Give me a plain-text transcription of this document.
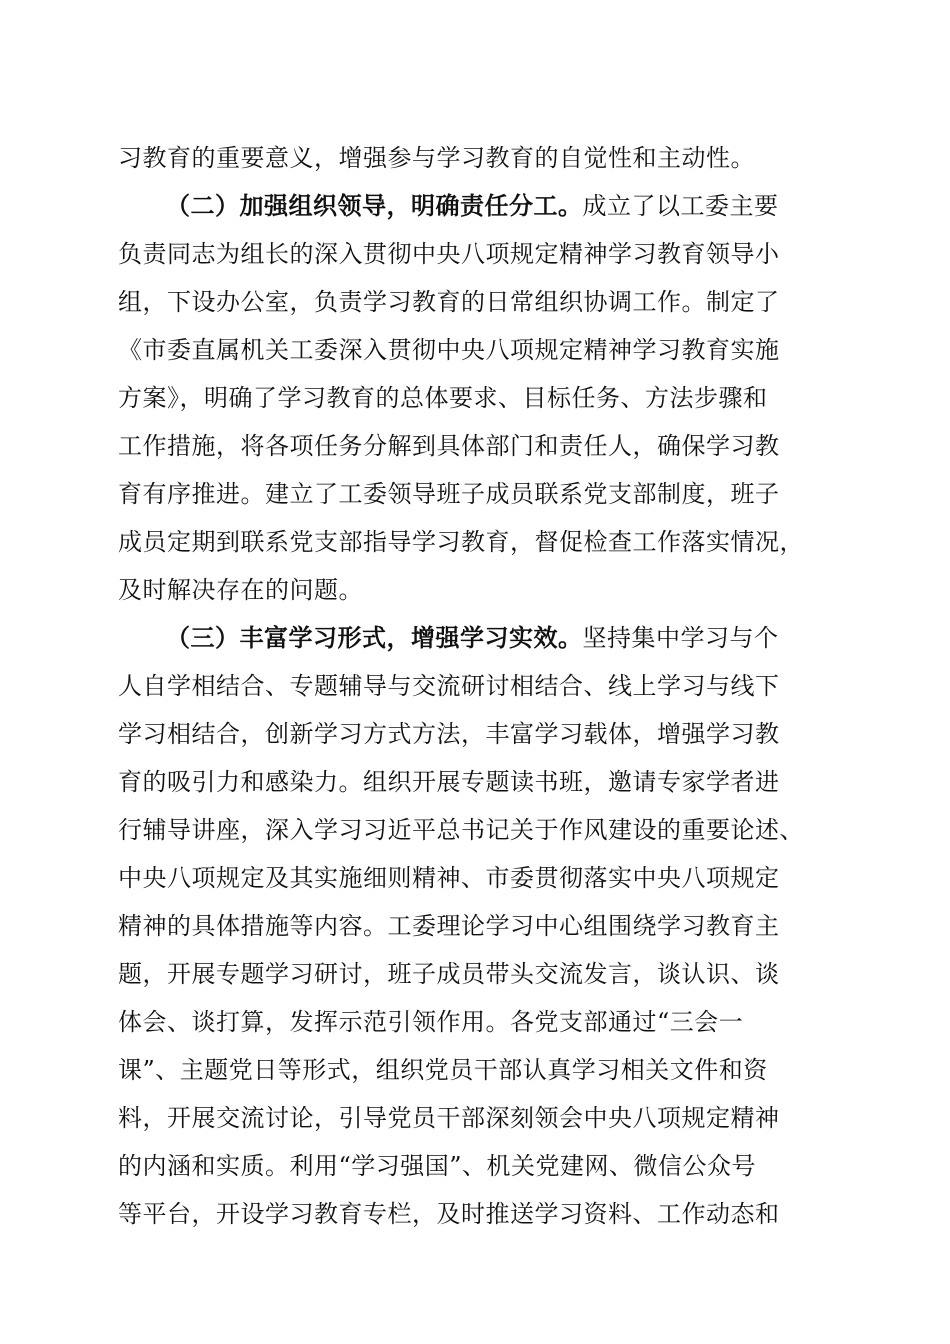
习教育的重要意义，增强参与学习教育的自觉性和主动性。
（二）加强组织领导，明确责任分工。成立了以工委主要
负责同志为组长的深入贯彻中央八项规定精神学习教育领导小
组，下设办公室，负责学习教育的日常组织协调工作。制定了
《市委直属机关工委深入贯彻中央八项规定精神学习教育实施
方案》，明确了学习教育的总体要求、目标任务、方法步骤和
工作措施，将各项任务分解到具体部门和责任人，确保学习教
育有序推进。建立了工委领导班子成员联系党支部制度，班子
成员定期到联系党支部指导学习教育，督促检查工作落实情况，
及时解决存在的问题。
（三）丰富学习形式，增强学习实效。坚持集中学习与个
人自学相结合、专题辅导与交流研讨相结合、线上学习与线下
学习相结合，创新学习方式方法，丰富学习载体，增强学习教
育的吸引力和感染力。组织开展专题读书班，邀请专家学者进
行辅导讲座，深入学习习近平总书记关于作风建设的重要论述、
中央八项规定及其实施细则精神、市委贯彻落实中央八项规定
精神的具体措施等内容。工委理论学习中心组围绕学习教育主
题，开展专题学习研讨，班子成员带头交流发言，谈认识、谈
体会、谈打算，发挥示范引领作用。各党支部通过“三会一
课”、主题党日等形式，组织党员干部认真学习相关文件和资
料，开展交流讨论，引导党员干部深刻领会中央八项规定精神
的内涵和实质。利用“学习强国”、机关党建网、微信公众号
等平台，开设学习教育专栏，及时推送学习资料、工作动态和
